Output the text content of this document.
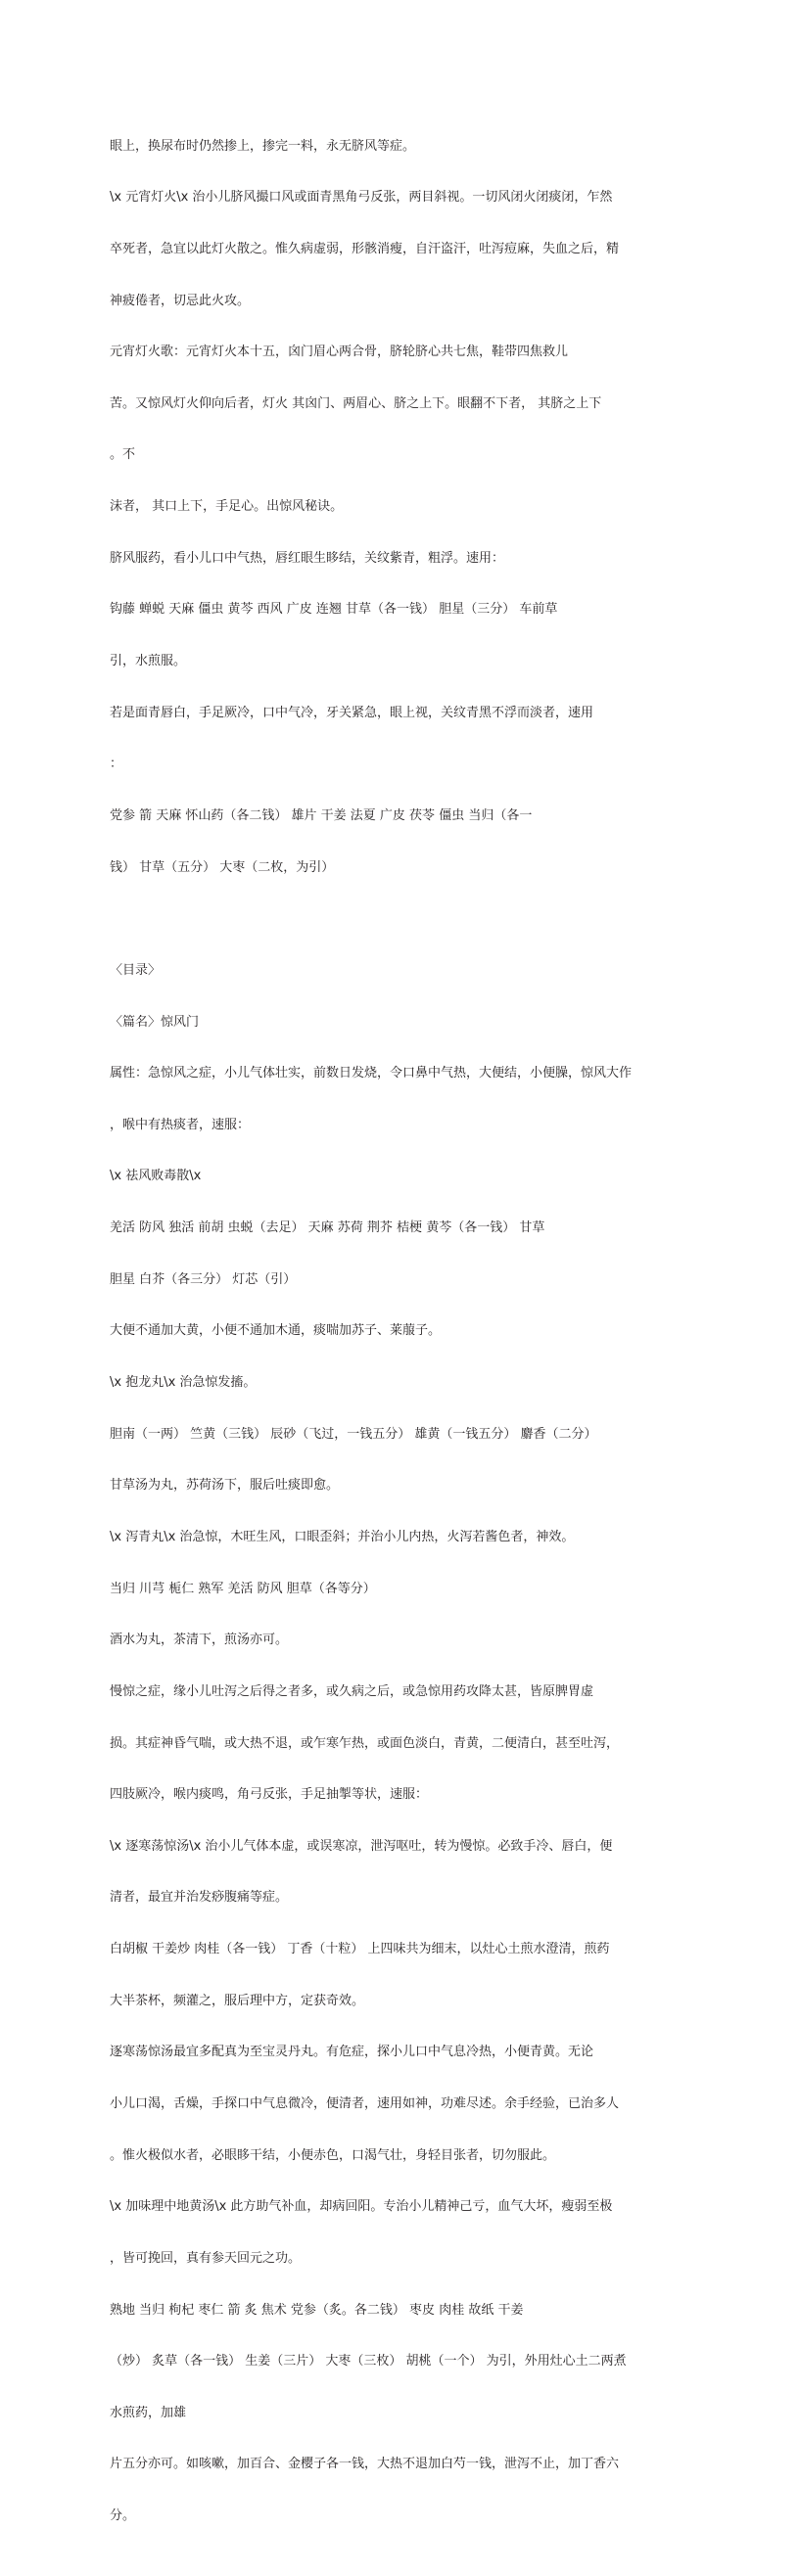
眼上，换尿布时仍然掺上，掺完一料，永无脐风等症。

\x 元宵灯火\x 治小儿脐风撮口风或面青黑角弓反张，两目斜视。一切风闭火闭痰闭，乍然

卒死者，急宜以此灯火散之。惟久病虚弱，形骸消瘦，自汗盗汗，吐泻痘麻，失血之后，精

神疲倦者，切忌此火攻。

元宵灯火歌：元宵灯火本十五，囟门眉心两合骨，脐轮脐心共七焦，鞋带四焦救儿

苦。又惊风灯火仰向后者，灯火 其囟门、两眉心、脐之上下。眼翻不下者， 其脐之上下

。不

沫者， 其口上下，手足心。出惊风秘诀。

脐风服药，看小儿口中气热，唇红眼生眵结，关纹紫青，粗浮。速用：

钩藤 蝉蜕 天麻 僵虫 黄芩 西风 广皮 连翘 甘草（各一钱） 胆星（三分） 车前草

引，水煎服。

若是面青唇白，手足厥冷，口中气冷，牙关紧急，眼上视，关纹青黑不浮而淡者，速用

：

党参 箭 天麻 怀山药（各二钱） 雄片 干姜 法夏 广皮 茯苓 僵虫 当归（各一

钱） 甘草（五分） 大枣（二枚，为引）

〈目录〉

〈篇名〉惊风门

属性：急惊风之症，小儿气体壮实，前数日发烧，令口鼻中气热，大便结，小便臊，惊风大作

，喉中有热痰者，速服：

\x 祛风败毒散\x

羌活 防风 独活 前胡 虫蜕（去足） 天麻 苏荷 荆芥 桔梗 黄芩（各一钱） 甘草

胆星 白芥（各三分） 灯芯（引）

大便不通加大黄，小便不通加木通，痰喘加苏子、莱菔子。

\x 抱龙丸\x 治急惊发搐。

胆南（一两） 竺黄（三钱） 辰砂（飞过，一钱五分） 雄黄（一钱五分） 麝香（二分）

甘草汤为丸，苏荷汤下，服后吐痰即愈。

\x 泻青丸\x 治急惊，木旺生风，口眼歪斜；并治小儿内热，火泻若酱色者，神效。

当归 川芎 栀仁 熟军 羌活 防风 胆草（各等分）

酒水为丸，茶清下，煎汤亦可。

慢惊之症，缘小儿吐泻之后得之者多，或久病之后，或急惊用药攻降太甚，皆原脾胃虚

损。其症神昏气喘，或大热不退，或乍寒乍热，或面色淡白，青黄，二便清白，甚至吐泻，

四肢厥冷，喉内痰鸣，角弓反张，手足抽掣等状，速服：

\x 逐寒荡惊汤\x 治小儿气体本虚，或误寒凉，泄泻呕吐，转为慢惊。必致手冷、唇白，便

清者，最宜并治发痧腹痛等症。

白胡椒 干姜炒 肉桂（各一钱） 丁香（十粒） 上四味共为细末，以灶心土煎水澄清，煎药

大半茶杯，频灌之，服后理中方，定获奇效。

逐寒荡惊汤最宜多配真为至宝灵丹丸。有危症，探小儿口中气息冷热，小便青黄。无论

小儿口渴，舌燥，手探口中气息微冷，便清者，速用如神，功难尽述。余手经验，已治多人

。惟火极似水者，必眼眵干结，小便赤色，口渴气壮，身轻目张者，切勿服此。

\x 加味理中地黄汤\x 此方助气补血，却病回阳。专治小儿精神己亏，血气大坏，瘦弱至极

，皆可挽回，真有参天回元之功。

熟地 当归 枸杞 枣仁 箭 炙 焦术 党参（炙。各二钱） 枣皮 肉桂 故纸 干姜

（炒） 炙草（各一钱） 生姜（三片） 大枣（三枚） 胡桃（一个） 为引，外用灶心土二两煮

水煎药，加雄

片五分亦可。如咳嗽，加百合、金樱子各一钱，大热不退加白芍一钱，泄泻不止，加丁香六

分。
